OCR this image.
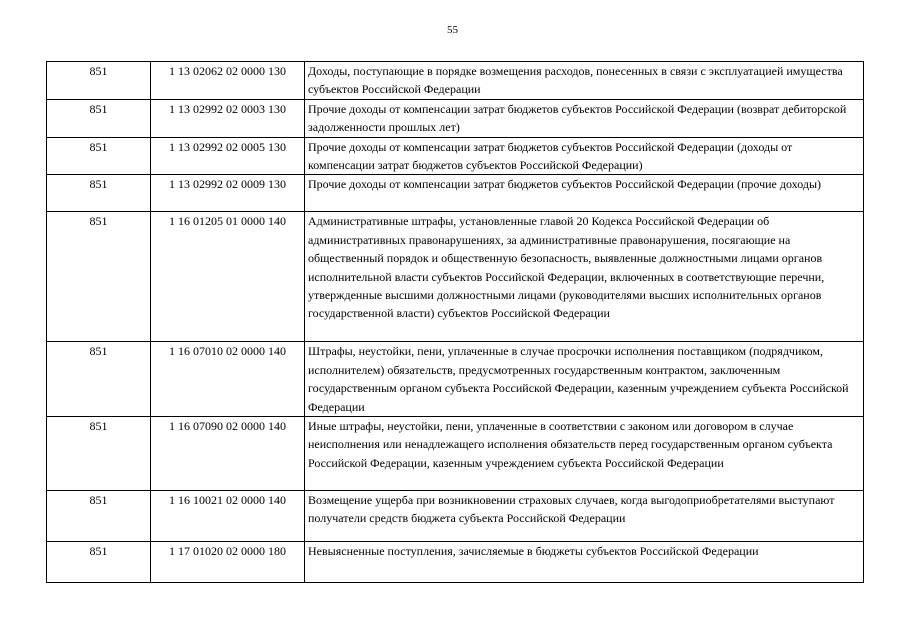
55
851	1 13 02062 02 0000 130	Доходы, поступающие в порядке возмещения расходов, понесенных в связи с эксплуатацией имущества субъектов Российской Федерации
851	1 13 02992 02 0003 130	Прочие доходы от компенсации затрат бюджетов субъектов Российской Федерации (возврат дебиторской задолженности прошлых лет)
851	1 13 02992 02 0005 130	Прочие доходы от компенсации затрат бюджетов субъектов Российской Федерации (доходы от компенсации затрат бюджетов субъектов Российской Федерации)
851	1 13 02992 02 0009 130	Прочие доходы от компенсации затрат бюджетов субъектов Российской Федерации (прочие доходы)
851	1 16 01205 01 0000 140	Административные штрафы, установленные главой 20 Кодекса Российской Федерации об административных правонарушениях, за административные правонарушения, посягающие на общественный порядок и общественную безопасность, выявленные должностными лицами органов исполнительной власти субъектов Российской Федерации, включенных в соответствующие перечни, утвержденные высшими должностными лицами (руководителями высших исполнительных органов государственной власти) субъектов Российской Федерации
851	1 16 07010 02 0000 140	Штрафы, неустойки, пени, уплаченные в случае просрочки исполнения поставщиком (подрядчиком, исполнителем) обязательств, предусмотренных государственным контрактом, заключенным государственным органом субъекта Российской Федерации, казенным учреждением субъекта Российской Федерации
851	1 16 07090 02 0000 140	Иные штрафы, неустойки, пени, уплаченные в соответствии с законом или договором в случае неисполнения или ненадлежащего исполнения обязательств перед государственным органом субъекта Российской Федерации, казенным учреждением субъекта Российской Федерации
851	1 16 10021 02 0000 140	Возмещение ущерба при возникновении страховых случаев, когда выгодоприобретателями выступают получатели средств бюджета субъекта Российской Федерации
851	1 17 01020 02 0000 180	Невыясненные поступления, зачисляемые в бюджеты субъектов Российской Федерации
